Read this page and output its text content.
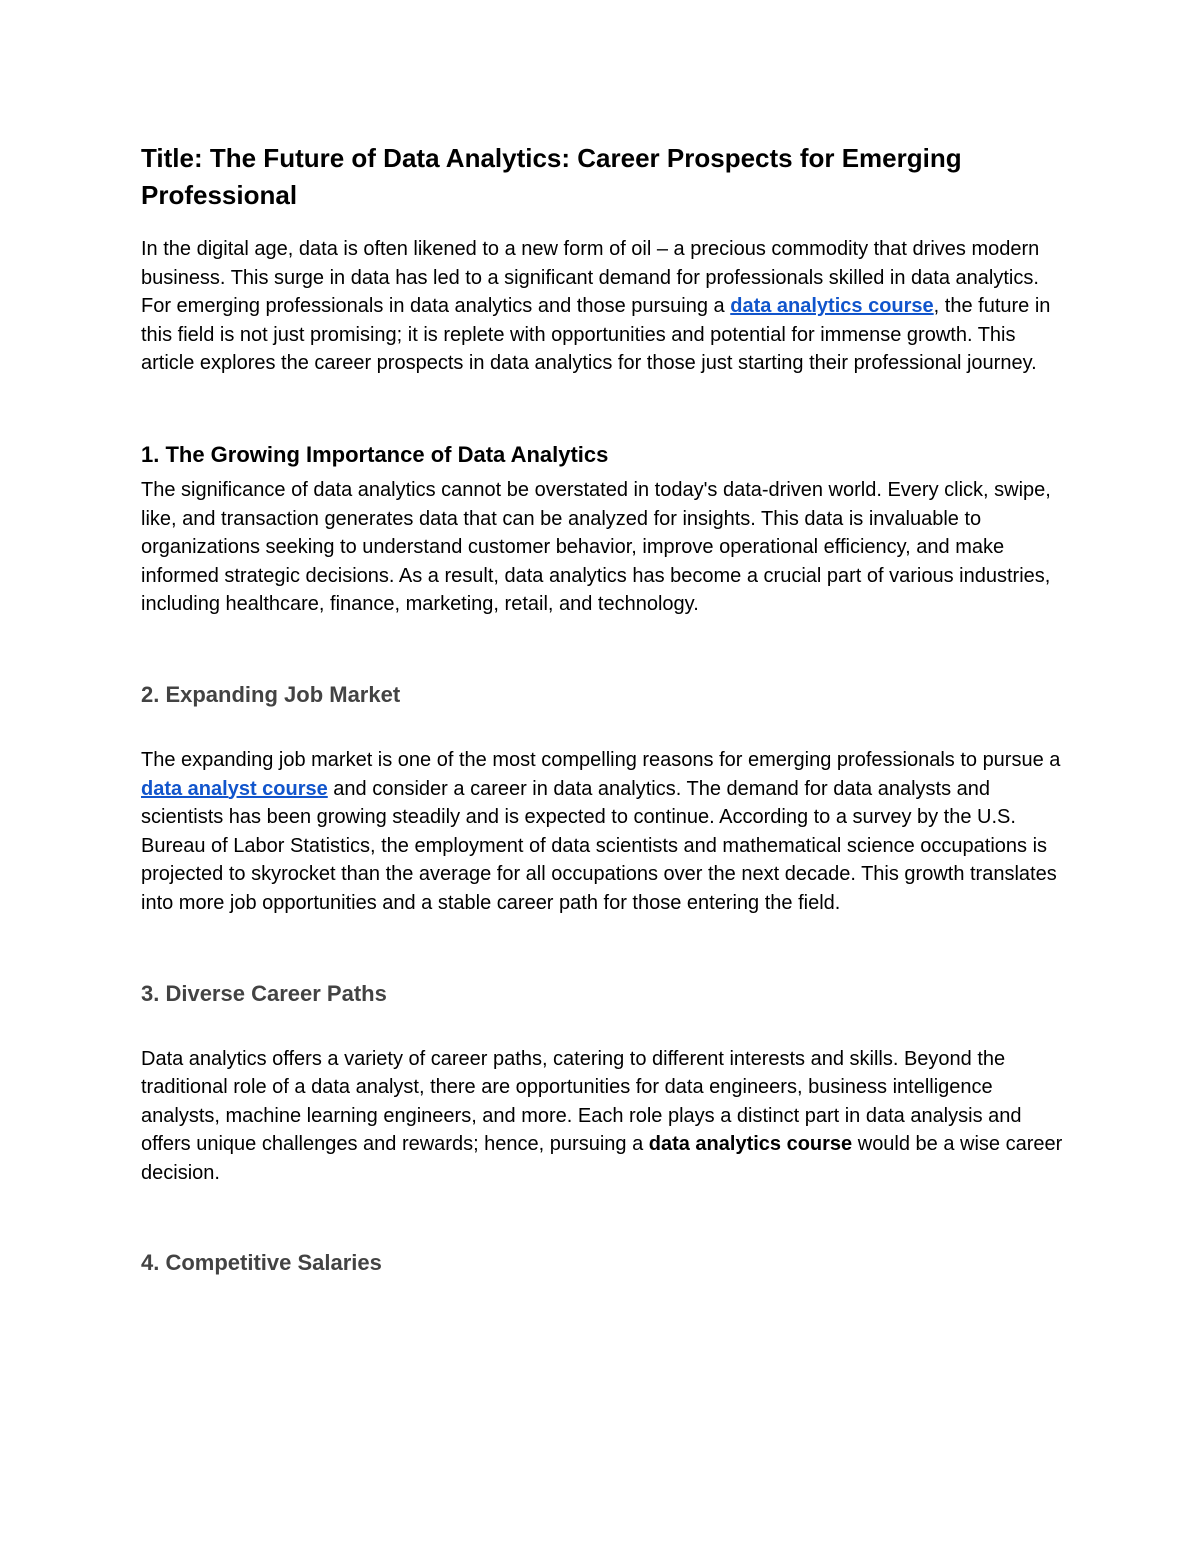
Title: The Future of Data Analytics: Career Prospects for Emerging Professional

In the digital age, data is often likened to a new form of oil – a precious commodity that drives modern business. This surge in data has led to a significant demand for professionals skilled in data analytics. For emerging professionals in data analytics and those pursuing a data analytics course, the future in this field is not just promising; it is replete with opportunities and potential for immense growth. This article explores the career prospects in data analytics for those just starting their professional journey.

1. The Growing Importance of Data Analytics

The significance of data analytics cannot be overstated in today's data-driven world. Every click, swipe, like, and transaction generates data that can be analyzed for insights. This data is invaluable to organizations seeking to understand customer behavior, improve operational efficiency, and make informed strategic decisions. As a result, data analytics has become a crucial part of various industries, including healthcare, finance, marketing, retail, and technology.

2. Expanding Job Market

The expanding job market is one of the most compelling reasons for emerging professionals to pursue a data analyst course and consider a career in data analytics. The demand for data analysts and scientists has been growing steadily and is expected to continue. According to a survey by the U.S. Bureau of Labor Statistics, the employment of data scientists and mathematical science occupations is projected to skyrocket than the average for all occupations over the next decade. This growth translates into more job opportunities and a stable career path for those entering the field.

3. Diverse Career Paths

Data analytics offers a variety of career paths, catering to different interests and skills. Beyond the traditional role of a data analyst, there are opportunities for data engineers, business intelligence analysts, machine learning engineers, and more. Each role plays a distinct part in data analysis and offers unique challenges and rewards; hence, pursuing a data analytics course would be a wise career decision.

4. Competitive Salaries
